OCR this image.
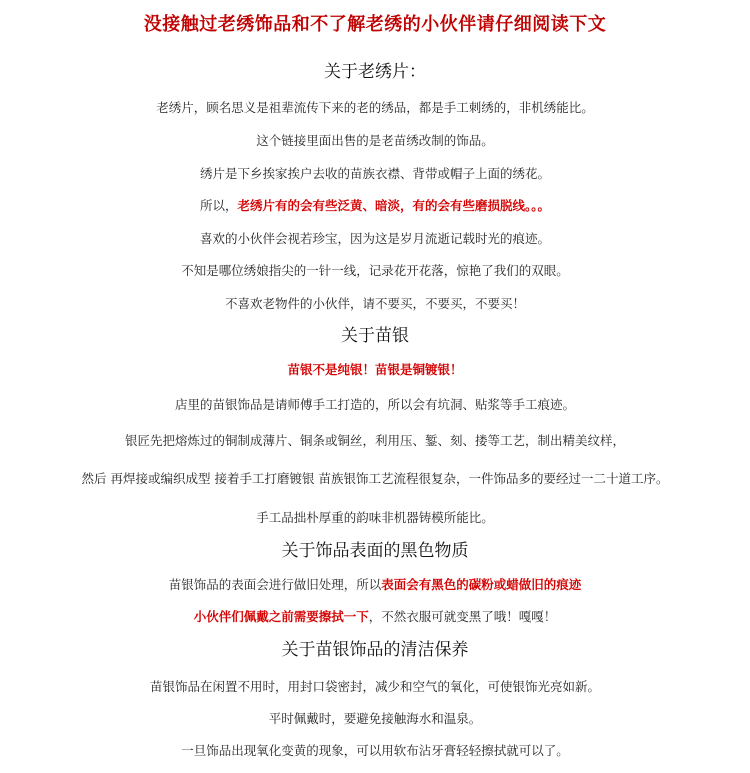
没接触过老绣饰品和不了解老绣的小伙伴请仔细阅读下文
关于老绣片：
老绣片，顾名思义是祖辈流传下来的老的绣品，都是手工刺绣的，非机绣能比。
这个链接里面出售的是老苗绣改制的饰品。
绣片是下乡挨家挨户去收的苗族衣襟、背带或帽子上面的绣花。
所以，老绣片有的会有些泛黄、暗淡，有的会有些磨损脱线。。。
喜欢的小伙伴会视若珍宝，因为这是岁月流逝记载时光的痕迹。
不知是哪位绣娘指尖的一针一线，记录花开花落，惊艳了我们的双眼。
不喜欢老物件的小伙伴，请不要买，不要买，不要买！
关于苗银
苗银不是纯银！苗银是铜镀银！
店里的苗银饰品是请师傅手工打造的，所以会有坑洞、贴浆等手工痕迹。
银匠先把熔炼过的铜制成薄片、铜条或铜丝，利用压、錾、刻、搂等工艺，制出精美纹样，
然后 再焊接或编织成型 接着手工打磨镀银 苗族银饰工艺流程很复杂，一件饰品多的要经过一二十道工序。
手工品拙朴厚重的韵味非机器铸模所能比。
关于饰品表面的黑色物质
苗银饰品的表面会进行做旧处理，所以表面会有黑色的碳粉或蜡做旧的痕迹
小伙伴们佩戴之前需要擦拭一下，不然衣服可就变黑了哦！嘎嘎！
关于苗银饰品的清洁保养
苗银饰品在闲置不用时，用封口袋密封，减少和空气的氧化，可使银饰光亮如新。
平时佩戴时，要避免接触海水和温泉。
一旦饰品出现氧化变黄的现象，可以用软布沾牙膏轻轻擦拭就可以了。
